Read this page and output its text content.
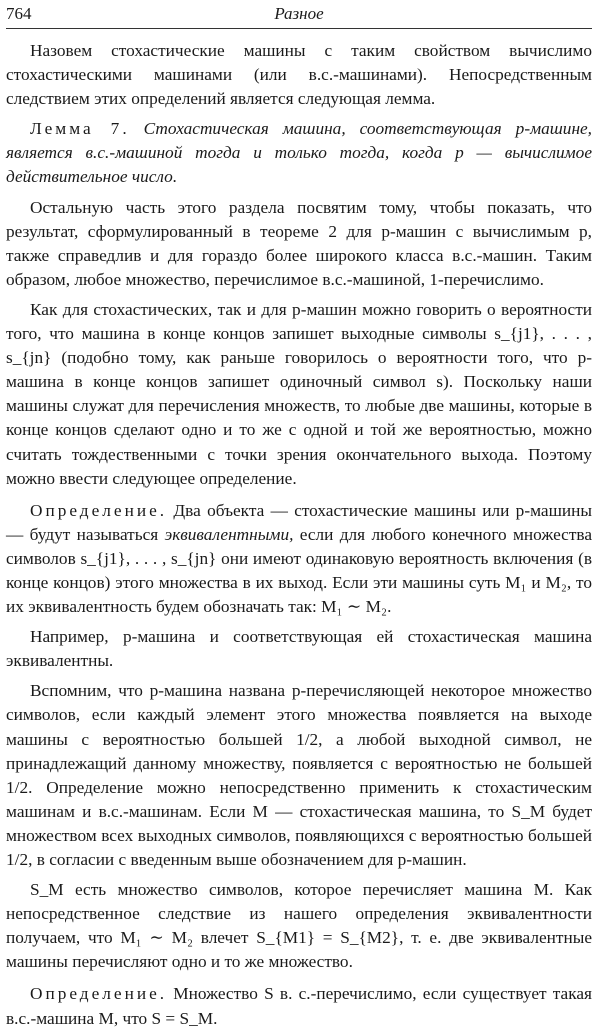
764	Разное

Назовем стохастические машины с таким свойством вычислимо стохастическими машинами (или в.с.-машинами). Непосредственным следствием этих определений является следующая лемма.

Лемма 7. Стохастическая машина, соответствующая p-машине, является в.с.-машиной тогда и только тогда, когда p — вычислимое действительное число.

Остальную часть этого раздела посвятим тому, чтобы показать, что результат, сформулированный в теореме 2 для p-машин с вычислимым p, также справедлив и для гораздо более широкого класса в.с.-машин. Таким образом, любое множество, перечислимое в.с.-машиной, 1-перечислимо.

Как для стохастических, так и для p-машин можно говорить о вероятности того, что машина в конце концов запишет выходные символы s_{j1}, . . . , s_{jn} (подобно тому, как раньше говорилось о вероятности того, что p-машина в конце концов запишет одиночный символ s). Поскольку наши машины служат для перечисления множеств, то любые две машины, которые в конце концов сделают одно и то же с одной и той же вероятностью, можно считать тождественными с точки зрения окончательного выхода. Поэтому можно ввести следующее определение.

Определение. Два объекта — стохастические машины или p-машины — будут называться эквивалентными, если для любого конечного множества символов s_{j1}, . . . , s_{jn} они имеют одинаковую вероятность включения (в конце концов) этого множества в их выход. Если эти машины суть M₁ и M₂, то их эквивалентность будем обозначать так: M₁ ∼ M₂.

Например, p-машина и соответствующая ей стохастическая машина эквивалентны.

Вспомним, что p-машина названа p-перечисляющей некоторое множество символов, если каждый элемент этого множества появляется на выходе машины с вероятностью большей 1/2, а любой выходной символ, не принадлежащий данному множеству, появляется с вероятностью не большей 1/2. Определение можно непосредственно применить к стохастическим машинам и в.с.-машинам. Если M — стохастическая машина, то S_M будет множеством всех выходных символов, появляющихся с вероятностью большей 1/2, в согласии с введенным выше обозначением для p-машин.

S_M есть множество символов, которое перечисляет машина M. Как непосредственное следствие из нашего определения эквивалентности получаем, что M₁ ∼ M₂ влечет S_{M1} = S_{M2}, т. е. две эквивалентные машины перечисляют одно и то же множество.

Определение. Множество S в. с.-перечислимо, если существует такая в.с.-машина M, что S = S_M.
